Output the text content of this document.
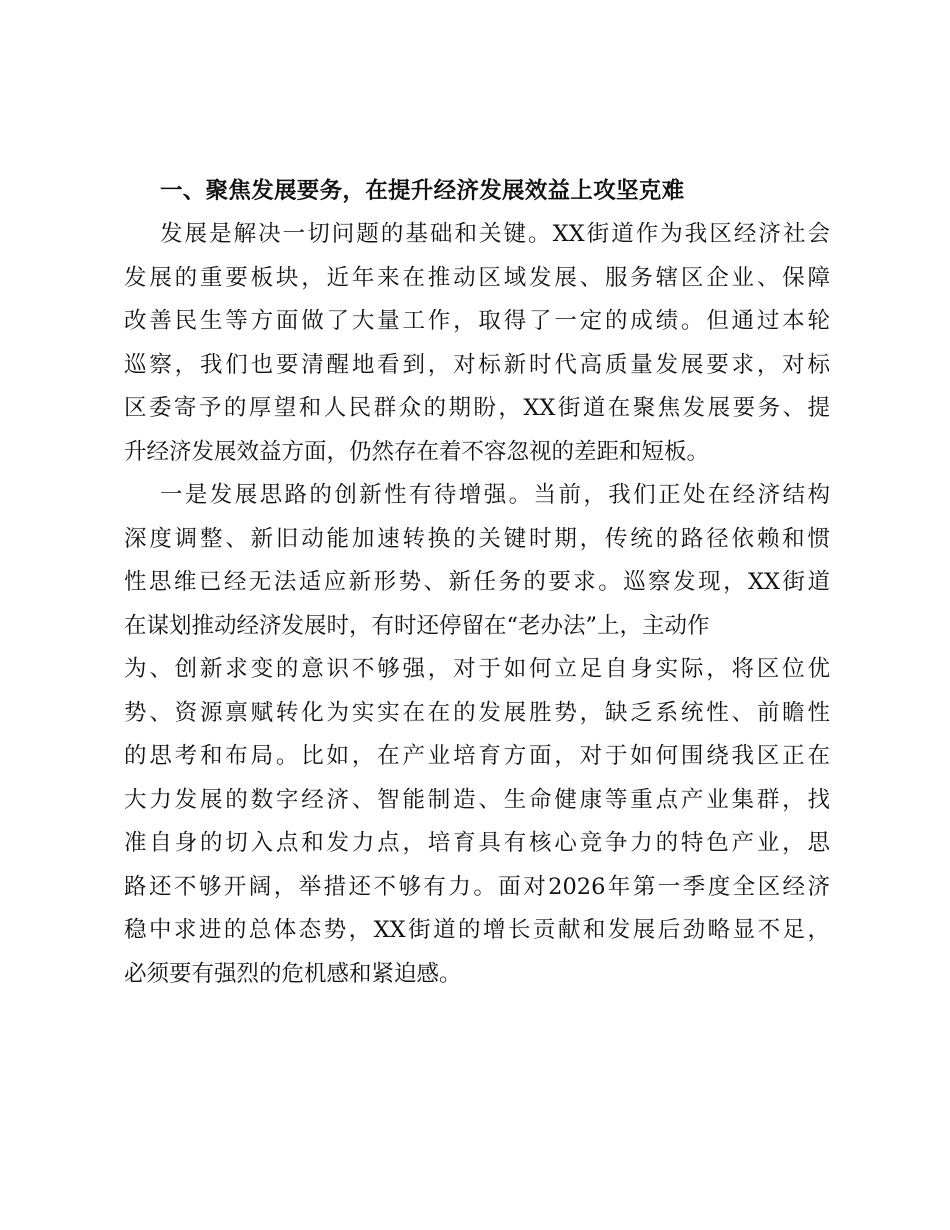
一、聚焦发展要务，在提升经济发展效益上攻坚克难

发展是解决一切问题的基础和关键。XX街道作为我区经济社会
发展的重要板块，近年来在推动区域发展、服务辖区企业、保障
改善民生等方面做了大量工作，取得了一定的成绩。但通过本轮
巡察，我们也要清醒地看到，对标新时代高质量发展要求，对标
区委寄予的厚望和人民群众的期盼，XX街道在聚焦发展要务、提
升经济发展效益方面，仍然存在着不容忽视的差距和短板。

一是发展思路的创新性有待增强。当前，我们正处在经济结构
深度调整、新旧动能加速转换的关键时期，传统的路径依赖和惯
性思维已经无法适应新形势、新任务的要求。巡察发现，XX街道
在谋划推动经济发展时，有时还停留在“老办法”上，主动作
为、创新求变的意识不够强，对于如何立足自身实际，将区位优
势、资源禀赋转化为实实在在的发展胜势，缺乏系统性、前瞻性
的思考和布局。比如，在产业培育方面，对于如何围绕我区正在
大力发展的数字经济、智能制造、生命健康等重点产业集群，找
准自身的切入点和发力点，培育具有核心竞争力的特色产业，思
路还不够开阔，举措还不够有力。面对2026年第一季度全区经济
稳中求进的总体态势，XX街道的增长贡献和发展后劲略显不足，
必须要有强烈的危机感和紧迫感。
